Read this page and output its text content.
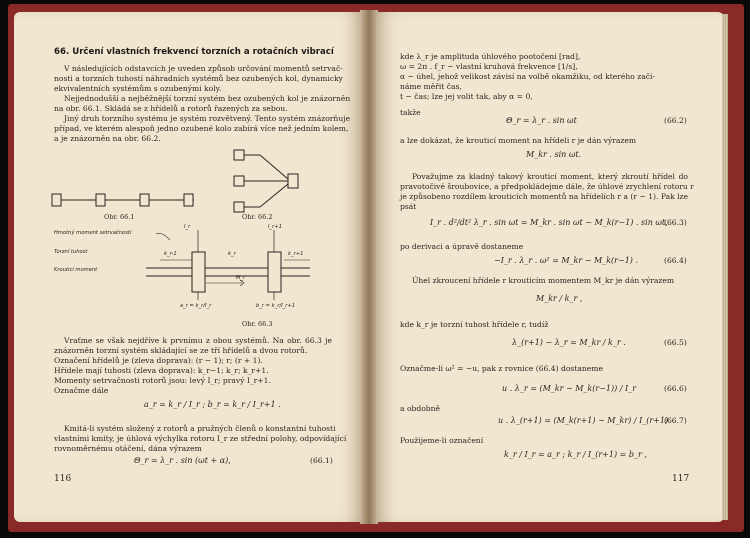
66. Určení vlastních frekvencí torzních a rotačních vibrací
V následujících odstavcích je uveden způsob určování momentů setrvač-
nosti a torzních tuhostí náhradních systémů bez ozubených kol, dynamicky
ekvivalentních systémům s ozubenými koly.
Nejjednodušší a nejběžnější torzní systém bez ozubených kol je znázorněn
na obr. 66.1. Skládá se z hřídelů a rotorů řazených za sebou.
Jiný druh torzního systému je systém rozvětvený. Tento systém znázorňuje
případ, ve kterém alespoň jedno ozubené kolo zabírá více než jedním kolem,
a je znázorněn na obr. 66.2.
Obr. 66.1	Obr. 66.2
Hmotný moment setrvačnosti
Torzní tuhost
Krouticí moment
I_r	I_r+1
k_r-1	k_r	k_r+1
M_r
a_r = k_r/I_r	b_r = k_r/I_r+1
Obr. 66.3
Vraťme se však nejdříve k prvnímu z obou systémů. Na obr. 66.3 je
znázorněn torzní systém skládající se ze tří hřídelů a dvou rotorů.
Označení hřídelů je (zleva doprava): (r − 1); r; (r + 1).
Hřídele mají tuhosti (zleva doprava): k_r−1; k_r; k_r+1.
Momenty setrvačnosti rotorů jsou: levý I_r; pravý I_r+1.
Označme dále
a_r = k_r / I_r ; b_r = k_r / I_r+1 .
Kmitá-li systém složený z rotorů a pružných členů o konstantní tuhosti
vlastními kmity, je úhlová výchylka rotoru I_r ze střední polohy, odpovídající
rovnoměrnému otáčení, dána výrazem
Θ_r = λ_r . sin (ωt + α),	(66.1)
116
kde λ_r je amplituda úhlového pootočení [rad],
ω = 2π . f_r − vlastní kruhová frekvence [1/s],
α − úhel, jehož velikost závisí na volbě okamžiku, od kterého začí-
náme měřit čas,
t − čas; lze jej volit tak, aby α = 0,
takže
Θ_r = λ_r . sin ωt	(66.2)
a lze dokázat, že krouticí moment na hřídeli r je dán výrazem
M_kr . sin ωt.
Považujme za kladný takový krouticí moment, který zkroutí hřídel do
pravotočivé šroubovice, a předpokládejme dále, že úhlové zrychlení rotoru r
je způsobeno rozdílem krouticích momentů na hřídelích r a (r − 1). Pak lze
psát
I_r . d²/dt² λ_r . sin ωt = M_kr . sin ωt − M_k(r−1) . sin ωt,
(66.3)
po derivaci a úpravě dostaneme
−I_r . λ_r . ω² = M_kr − M_k(r−1) .	(66.4)
Úhel zkroucení hřídele r krouticím momentem M_kr je dán výrazem
M_kr / k_r ,
kde k_r je torzní tuhost hřídele r, tudíž
λ_(r+1) − λ_r = M_kr / k_r .	(66.5)
Označme-li ω² = −u, pak z rovnice (66.4) dostaneme
u . λ_r = (M_kr − M_k(r−1)) / I_r	(66.6)
a obdobně
u . λ_(r+1) = (M_k(r+1) − M_kr) / I_(r+1)
(66.7)
Použijeme-li označení
k_r / I_r = a_r ; k_r / I_(r+1) = b_r ,
117
